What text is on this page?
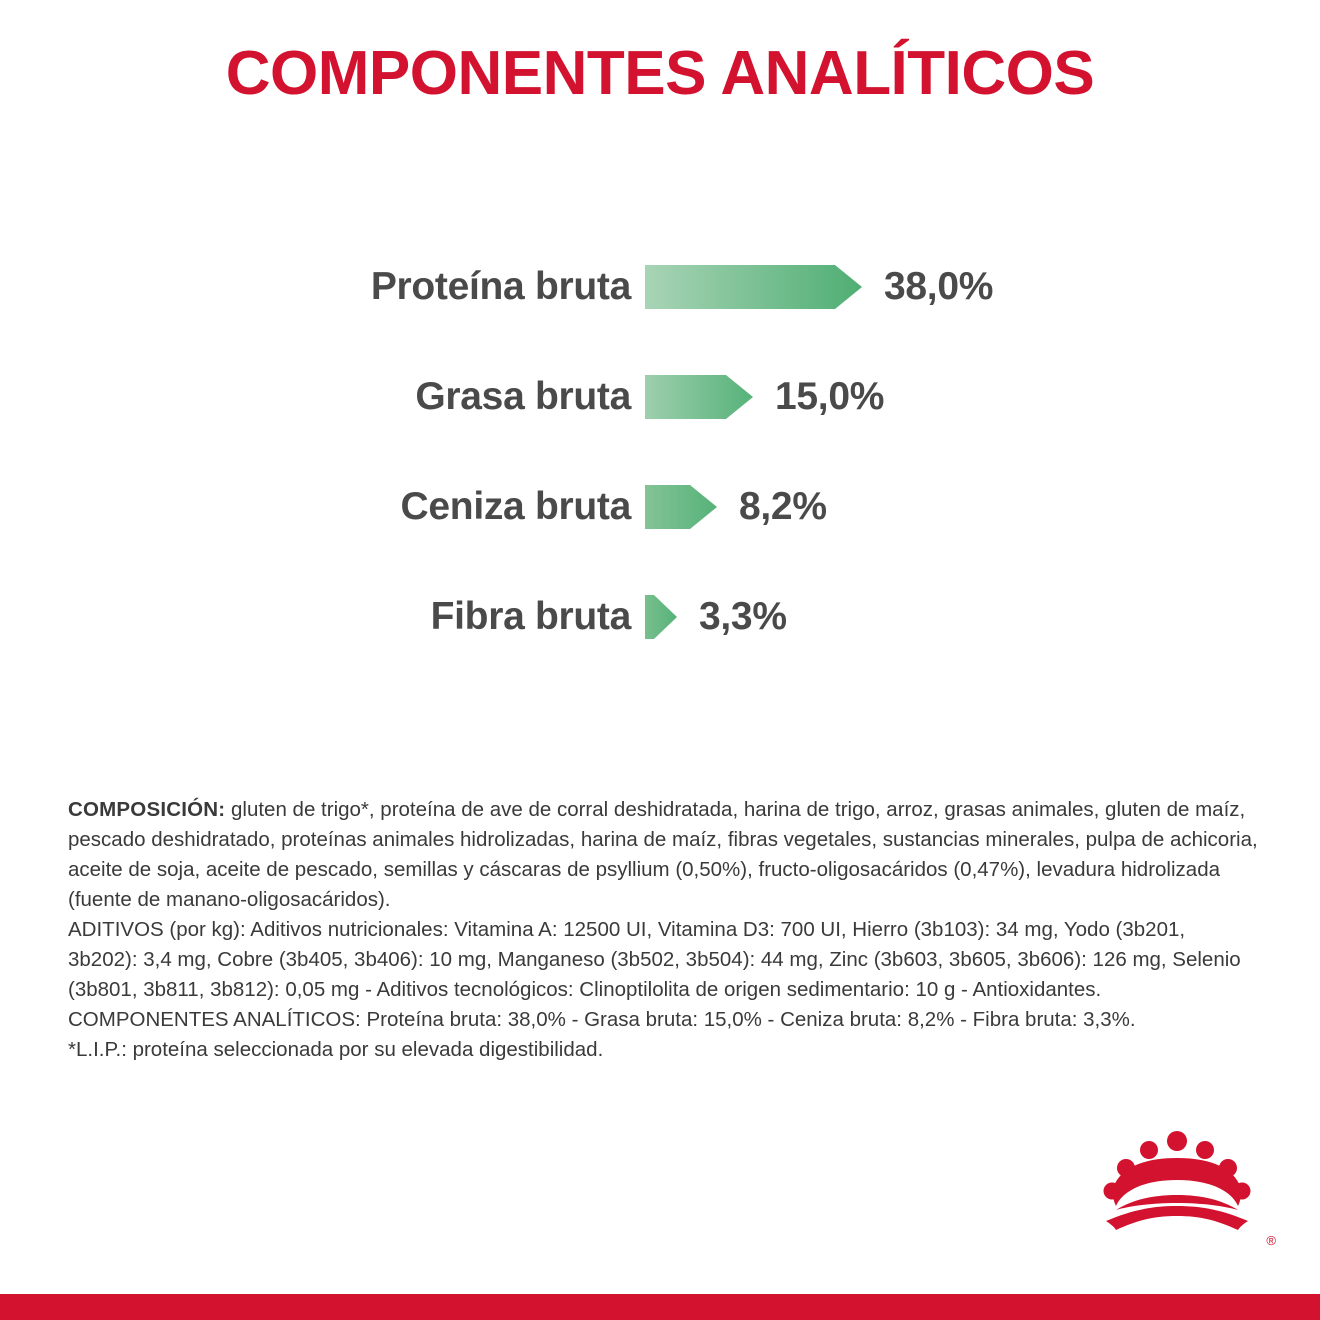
COMPONENTES ANALÍTICOS
Proteína bruta	38,0%
Grasa bruta	15,0%
Ceniza bruta	8,2%
Fibra bruta	3,3%

COMPOSICIÓN: gluten de trigo*, proteína de ave de corral deshidratada, harina de trigo, arroz, grasas animales, gluten de maíz, pescado deshidratado, proteínas animales hidrolizadas, harina de maíz, fibras vegetales, sustancias minerales, pulpa de achicoria, aceite de soja, aceite de pescado, semillas y cáscaras de psyllium (0,50%), fructo-oligosacáridos (0,47%), levadura hidrolizada (fuente de manano-oligosacáridos).

ADITIVOS (por kg): Aditivos nutricionales: Vitamina A: 12500 UI, Vitamina D3: 700 UI, Hierro (3b103): 34 mg, Yodo (3b201, 3b202): 3,4 mg, Cobre (3b405, 3b406): 10 mg, Manganeso (3b502, 3b504): 44 mg, Zinc (3b603, 3b605, 3b606): 126 mg, Selenio (3b801, 3b811, 3b812): 0,05 mg - Aditivos tecnológicos: Clinoptilolita de origen sedimentario: 10 g - Antioxidantes.

COMPONENTES ANALÍTICOS: Proteína bruta: 38,0% - Grasa bruta: 15,0% - Ceniza bruta: 8,2% - Fibra bruta: 3,3%.

*L.I.P.: proteína seleccionada por su elevada digestibilidad.

®
